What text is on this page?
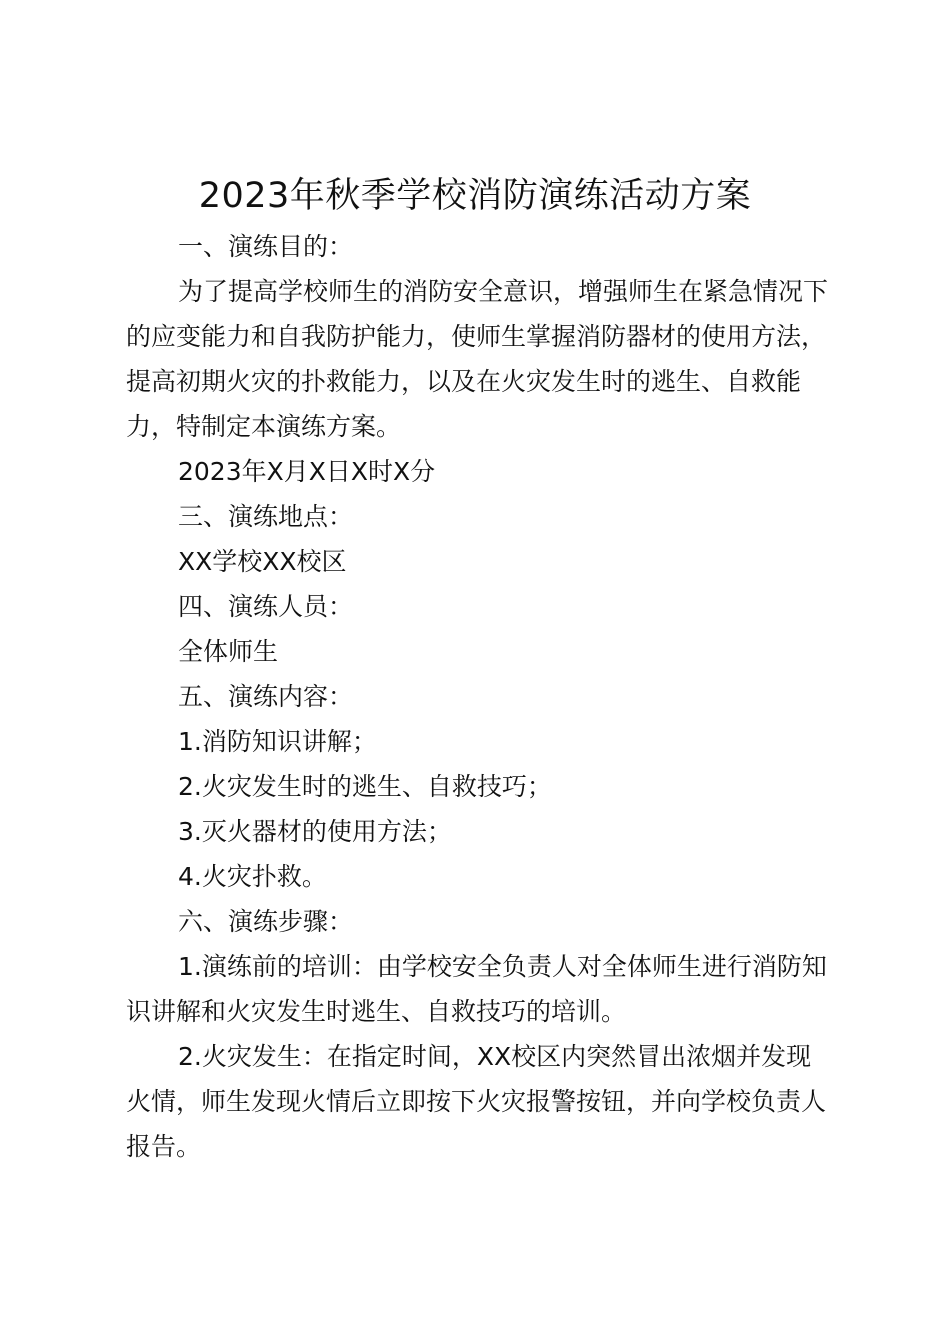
2023年秋季学校消防演练活动方案

一、演练目的：

为了提高学校师生的消防安全意识，增强师生在紧急情况下的应变能力和自我防护能力，使师生掌握消防器材的使用方法，提高初期火灾的扑救能力，以及在火灾发生时的逃生、自救能力，特制定本演练方案。

2023年X月X日X时X分

三、演练地点：

XX学校XX校区

四、演练人员：

全体师生

五、演练内容：

1.消防知识讲解；

2.火灾发生时的逃生、自救技巧；

3.灭火器材的使用方法；

4.火灾扑救。

六、演练步骤：

1.演练前的培训：由学校安全负责人对全体师生进行消防知识讲解和火灾发生时逃生、自救技巧的培训。

2.火灾发生：在指定时间，XX校区内突然冒出浓烟并发现火情，师生发现火情后立即按下火灾报警按钮，并向学校负责人报告。
